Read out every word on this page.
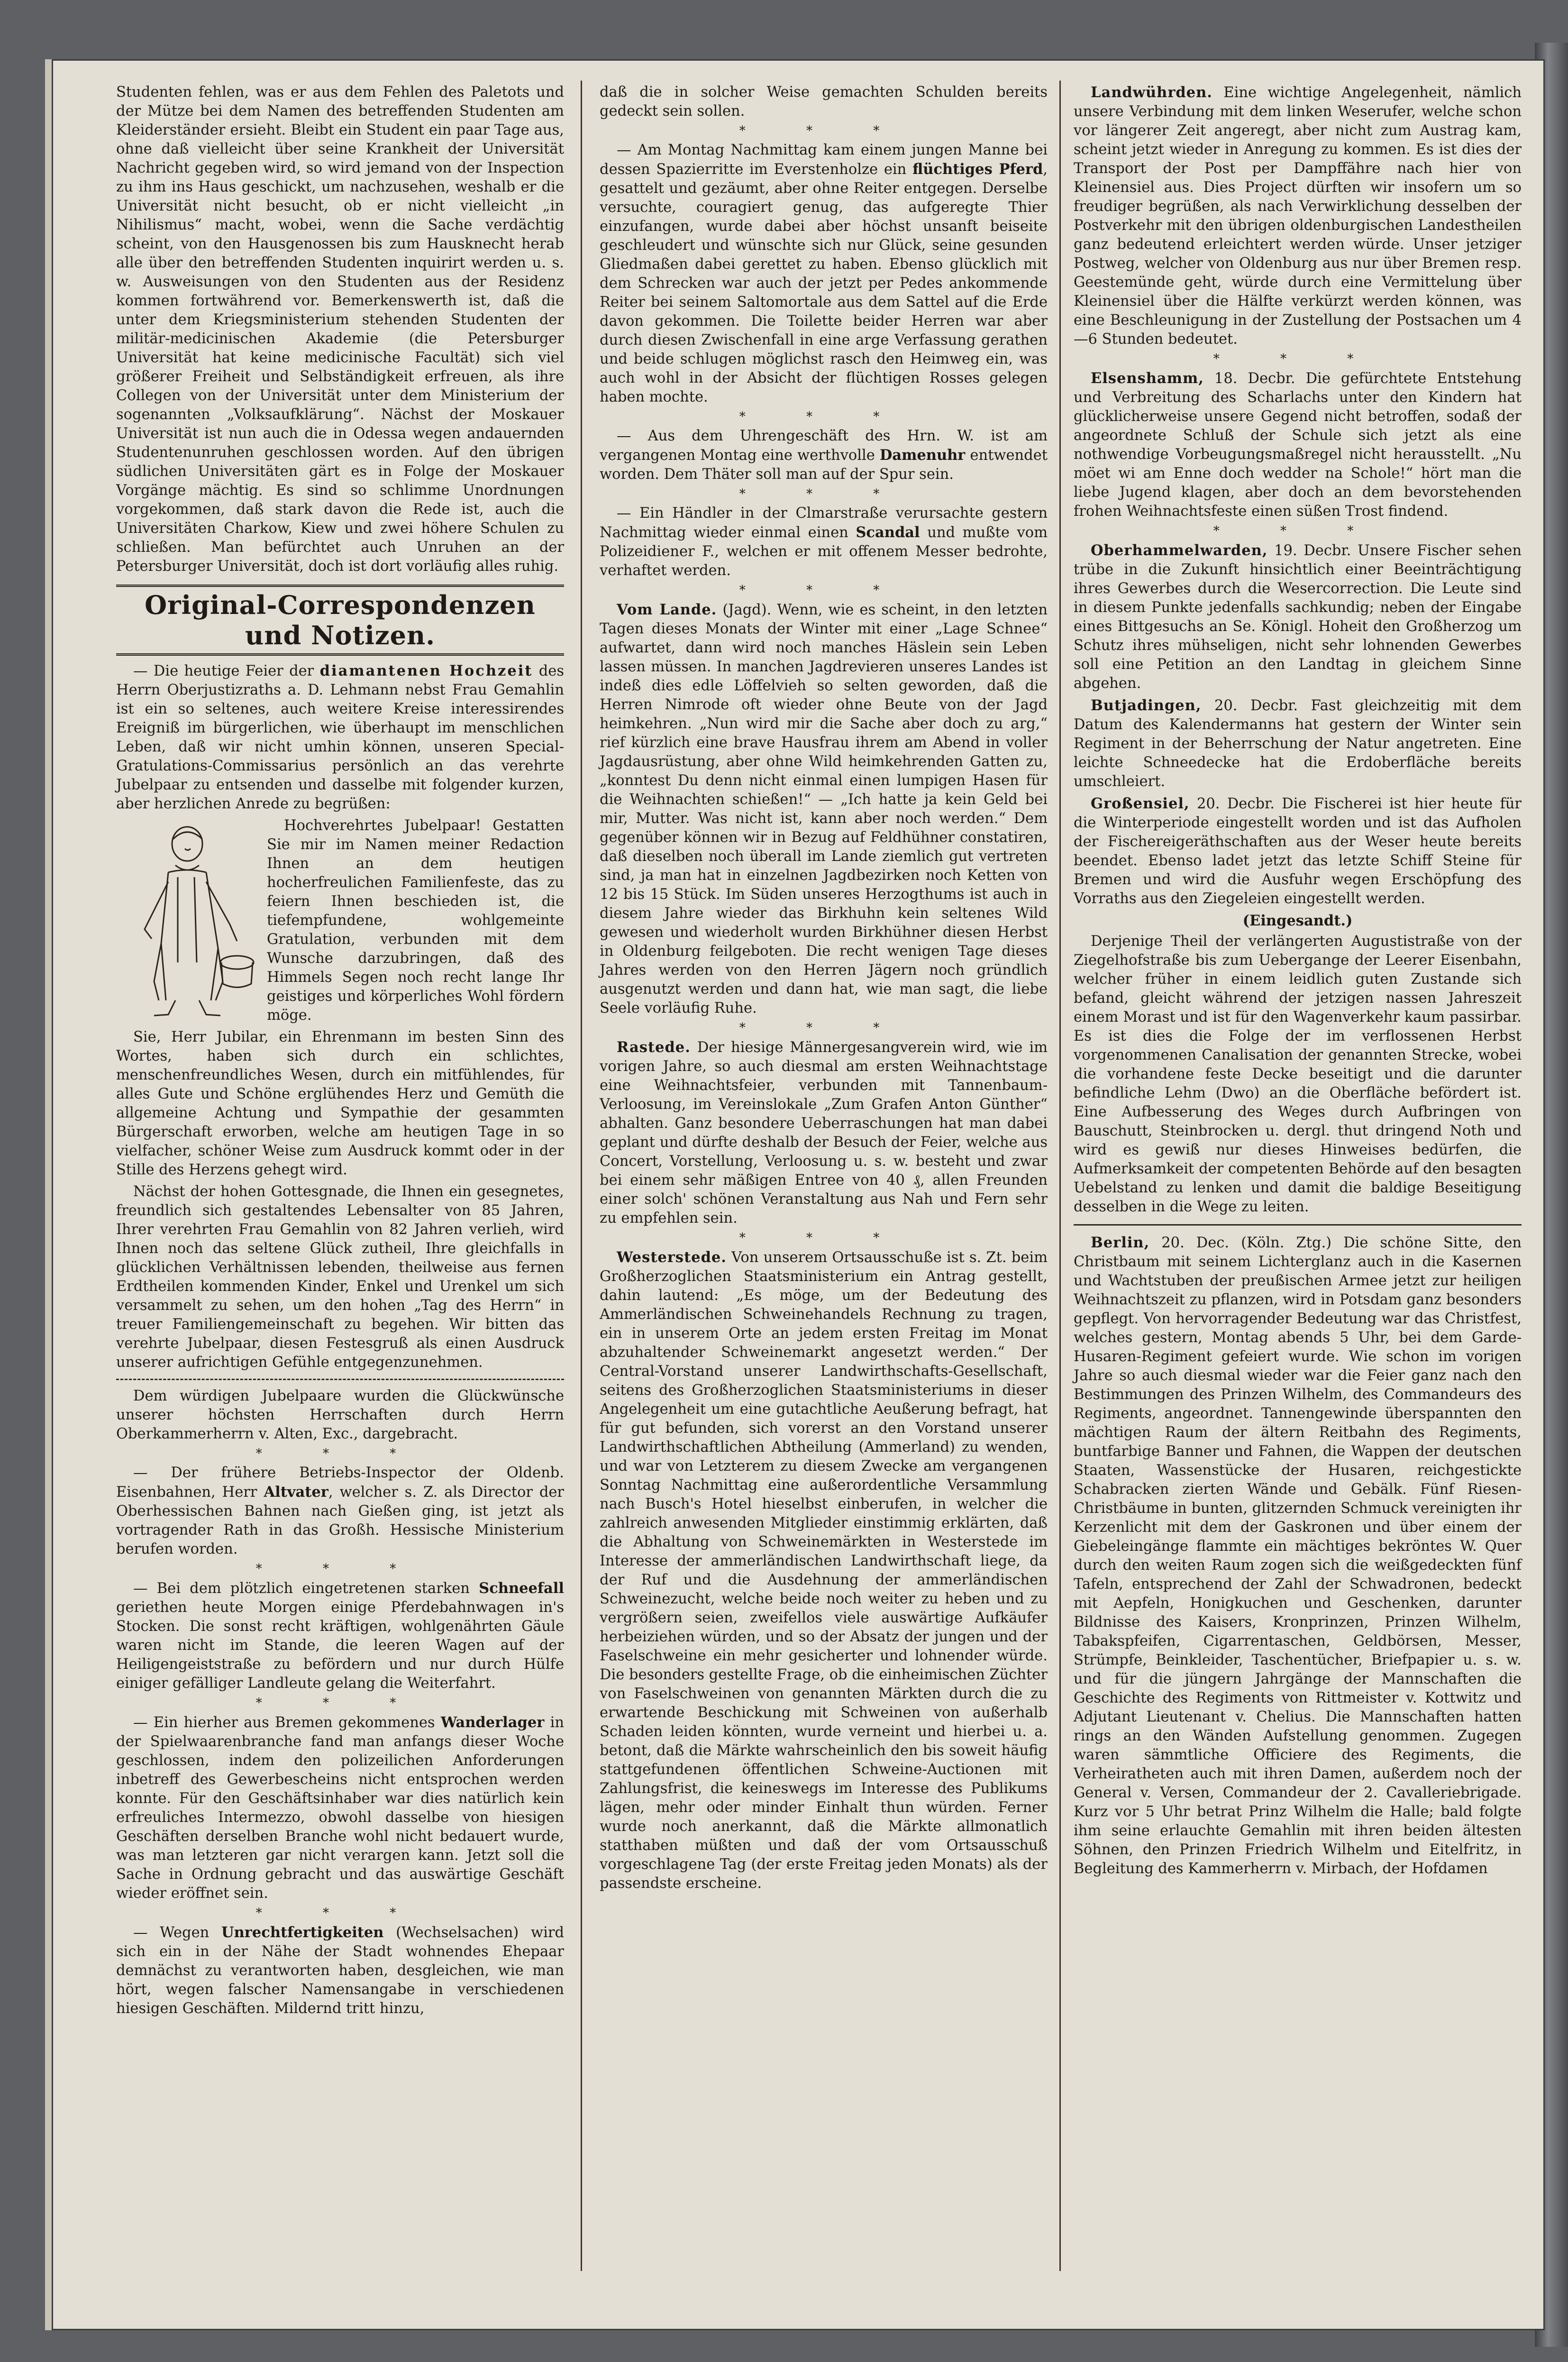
Studenten fehlen, was er aus dem Fehlen des Paletots und der Mütze bei dem Namen des betreffenden Studenten am Kleiderständer ersieht. Bleibt ein Student ein paar Tage aus, ohne daß vielleicht über seine Krankheit der Universität Nachricht gegeben wird, so wird jemand von der Inspection zu ihm ins Haus geschickt, um nachzusehen, weshalb er die Universität nicht besucht, ob er nicht vielleicht „in Nihilismus“ macht, wobei, wenn die Sache verdächtig scheint, von den Hausgenossen bis zum Hausknecht herab alle über den betreffenden Studenten inquirirt werden u. s. w. Ausweisungen von den Studenten aus der Residenz kommen fortwährend vor. Bemerkenswerth ist, daß die unter dem Kriegsministerium stehenden Studenten der militär-medicinischen Akademie (die Petersburger Universität hat keine medicinische Facultät) sich viel größerer Freiheit und Selbständigkeit erfreuen, als ihre Collegen von der Universität unter dem Ministerium der sogenannten „Volksaufklärung“. Nächst der Moskauer Universität ist nun auch die in Odessa wegen andauernden Studentenunruhen geschlossen worden. Auf den übrigen südlichen Universitäten gärt es in Folge der Moskauer Vorgänge mächtig. Es sind so schlimme Unordnungen vorgekommen, daß stark davon die Rede ist, auch die Universitäten Charkow, Kiew und zwei höhere Schulen zu schließen. Man befürchtet auch Unruhen an der Petersburger Universität, doch ist dort vorläufig alles ruhig.

Original-Correspondenzen und Notizen.

— Die heutige Feier der diamantenen Hochzeit des Herrn Oberjustizraths a. D. Lehmann nebst Frau Gemahlin ist ein so seltenes, auch weitere Kreise interessirendes Ereigniß im bürgerlichen, wie überhaupt im menschlichen Leben, daß wir nicht umhin können, unseren Special-Gratulations-Commissarius persönlich an das verehrte Jubelpaar zu entsenden und dasselbe mit folgender kurzen, aber herzlichen Anrede zu begrüßen:

Hochverehrtes Jubelpaar! Gestatten Sie mir im Namen meiner Redaction Ihnen an dem heutigen hocherfreulichen Familienfeste, das zu feiern Ihnen beschieden ist, die tiefempfundene, wohlgemeinte Gratulation, verbunden mit dem Wunsche darzubringen, daß des Himmels Segen noch recht lange Ihr geistiges und körperliches Wohl fördern möge.

Sie, Herr Jubilar, ein Ehrenmann im besten Sinn des Wortes, haben sich durch ein schlichtes, menschenfreundliches Wesen, durch ein mitfühlendes, für alles Gute und Schöne erglühendes Herz und Gemüth die allgemeine Achtung und Sympathie der gesammten Bürgerschaft erworben, welche am heutigen Tage in so vielfacher, schöner Weise zum Ausdruck kommt oder in der Stille des Herzens gehegt wird.

Nächst der hohen Gottesgnade, die Ihnen ein gesegnetes, freundlich sich gestaltendes Lebensalter von 85 Jahren, Ihrer verehrten Frau Gemahlin von 82 Jahren verlieh, wird Ihnen noch das seltene Glück zutheil, Ihre gleichfalls in glücklichen Verhältnissen lebenden, theilweise aus fernen Erdtheilen kommenden Kinder, Enkel und Urenkel um sich versammelt zu sehen, um den hohen „Tag des Herrn“ in treuer Familiengemeinschaft zu begehen. Wir bitten das verehrte Jubelpaar, diesen Festesgruß als einen Ausdruck unserer aufrichtigen Gefühle entgegenzunehmen.

Dem würdigen Jubelpaare wurden die Glückwünsche unserer höchsten Herrschaften durch Herrn Oberkammerherrn v. Alten, Exc., dargebracht.

* * *

— Der frühere Betriebs-Inspector der Oldenb. Eisenbahnen, Herr Altvater, welcher s. Z. als Director der Oberhessischen Bahnen nach Gießen ging, ist jetzt als vortragender Rath in das Großh. Hessische Ministerium berufen worden.

* * *

— Bei dem plötzlich eingetretenen starken Schneefall geriethen heute Morgen einige Pferdebahnwagen in's Stocken. Die sonst recht kräftigen, wohlgenährten Gäule waren nicht im Stande, die leeren Wagen auf der Heiligengeiststraße zu befördern und nur durch Hülfe einiger gefälliger Landleute gelang die Weiterfahrt.

* * *

— Ein hierher aus Bremen gekommenes Wanderlager in der Spielwaarenbranche fand man anfangs dieser Woche geschlossen, indem den polizeilichen Anforderungen inbetreff des Gewerbescheins nicht entsprochen werden konnte. Für den Geschäftsinhaber war dies natürlich kein erfreuliches Intermezzo, obwohl dasselbe von hiesigen Geschäften derselben Branche wohl nicht bedauert wurde, was man letzteren gar nicht verargen kann. Jetzt soll die Sache in Ordnung gebracht und das auswärtige Geschäft wieder eröffnet sein.

* * *

— Wegen Unrechtfertigkeiten (Wechselsachen) wird sich ein in der Nähe der Stadt wohnendes Ehepaar demnächst zu verantworten haben, desgleichen, wie man hört, wegen falscher Namensangabe in verschiedenen hiesigen Geschäften. Mildernd tritt hinzu,

daß die in solcher Weise gemachten Schulden bereits gedeckt sein sollen.

* * *

— Am Montag Nachmittag kam einem jungen Manne bei dessen Spazierritte im Everstenholze ein flüchtiges Pferd, gesattelt und gezäumt, aber ohne Reiter entgegen. Derselbe versuchte, couragiert genug, das aufgeregte Thier einzufangen, wurde dabei aber höchst unsanft beiseite geschleudert und wünschte sich nur Glück, seine gesunden Gliedmaßen dabei gerettet zu haben. Ebenso glücklich mit dem Schrecken war auch der jetzt per Pedes ankommende Reiter bei seinem Saltomortale aus dem Sattel auf die Erde davon gekommen. Die Toilette beider Herren war aber durch diesen Zwischenfall in eine arge Verfassung gerathen und beide schlugen möglichst rasch den Heimweg ein, was auch wohl in der Absicht der flüchtigen Rosses gelegen haben mochte.

* * *

— Aus dem Uhrengeschäft des Hrn. W. ist am vergangenen Montag eine werthvolle Damenuhr entwendet worden. Dem Thäter soll man auf der Spur sein.

* * *

— Ein Händler in der Clmarstraße verursachte gestern Nachmittag wieder einmal einen Scandal und mußte vom Polizeidiener F., welchen er mit offenem Messer bedrohte, verhaftet werden.

* * *

Vom Lande. (Jagd). Wenn, wie es scheint, in den letzten Tagen dieses Monats der Winter mit einer „Lage Schnee“ aufwartet, dann wird noch manches Häslein sein Leben lassen müssen. In manchen Jagdrevieren unseres Landes ist indeß dies edle Löffelvieh so selten geworden, daß die Herren Nimrode oft wieder ohne Beute von der Jagd heimkehren. „Nun wird mir die Sache aber doch zu arg,“ rief kürzlich eine brave Hausfrau ihrem am Abend in voller Jagdausrüstung, aber ohne Wild heimkehrenden Gatten zu, „konntest Du denn nicht einmal einen lumpigen Hasen für die Weihnachten schießen!“ — „Ich hatte ja kein Geld bei mir, Mutter. Was nicht ist, kann aber noch werden.“ Dem gegenüber können wir in Bezug auf Feldhühner constatiren, daß dieselben noch überall im Lande ziemlich gut vertreten sind, ja man hat in einzelnen Jagdbezirken noch Ketten von 12 bis 15 Stück. Im Süden unseres Herzogthums ist auch in diesem Jahre wieder das Birkhuhn kein seltenes Wild gewesen und wiederholt wurden Birkhühner diesen Herbst in Oldenburg feilgeboten. Die recht wenigen Tage dieses Jahres werden von den Herren Jägern noch gründlich ausgenutzt werden und dann hat, wie man sagt, die liebe Seele vorläufig Ruhe.

* * *

Rastede. Der hiesige Männergesangverein wird, wie im vorigen Jahre, so auch diesmal am ersten Weihnachtstage eine Weihnachtsfeier, verbunden mit Tannenbaum-Verloosung, im Vereinslokale „Zum Grafen Anton Günther“ abhalten. Ganz besondere Ueberraschungen hat man dabei geplant und dürfte deshalb der Besuch der Feier, welche aus Concert, Vorstellung, Verloosung u. s. w. besteht und zwar bei einem sehr mäßigen Entree von 40 ₰, allen Freunden einer solch' schönen Veranstaltung aus Nah und Fern sehr zu empfehlen sein.

* * *

Westerstede. Von unserem Ortsausschuße ist s. Zt. beim Großherzoglichen Staatsministerium ein Antrag gestellt, dahin lautend: „Es möge, um der Bedeutung des Ammerländischen Schweinehandels Rechnung zu tragen, ein in unserem Orte an jedem ersten Freitag im Monat abzuhaltender Schweinemarkt angesetzt werden.“ Der Central-Vorstand unserer Landwirthschafts-Gesellschaft, seitens des Großherzoglichen Staatsministeriums in dieser Angelegenheit um eine gutachtliche Aeußerung befragt, hat für gut befunden, sich vorerst an den Vorstand unserer Landwirthschaftlichen Abtheilung (Ammerland) zu wenden, und war von Letzterem zu diesem Zwecke am vergangenen Sonntag Nachmittag eine außerordentliche Versammlung nach Busch's Hotel hieselbst einberufen, in welcher die zahlreich anwesenden Mitglieder einstimmig erklärten, daß die Abhaltung von Schweinemärkten in Westerstede im Interesse der ammerländischen Landwirthschaft liege, da der Ruf und die Ausdehnung der ammerländischen Schweinezucht, welche beide noch weiter zu heben und zu vergrößern seien, zweifellos viele auswärtige Aufkäufer herbeiziehen würden, und so der Absatz der jungen und der Faselschweine ein mehr gesicherter und lohnender würde. Die besonders gestellte Frage, ob die einheimischen Züchter von Faselschweinen von genannten Märkten durch die zu erwartende Beschickung mit Schweinen von außerhalb Schaden leiden könnten, wurde verneint und hierbei u. a. betont, daß die Märkte wahrscheinlich den bis soweit häufig stattgefundenen öffentlichen Schweine-Auctionen mit Zahlungsfrist, die keineswegs im Interesse des Publikums lägen, mehr oder minder Einhalt thun würden. Ferner wurde noch anerkannt, daß die Märkte allmonatlich statthaben müßten und daß der vom Ortsausschuß vorgeschlagene Tag (der erste Freitag jeden Monats) als der passendste erscheine.

Landwührden. Eine wichtige Angelegenheit, nämlich unsere Verbindung mit dem linken Weserufer, welche schon vor längerer Zeit angeregt, aber nicht zum Austrag kam, scheint jetzt wieder in Anregung zu kommen. Es ist dies der Transport der Post per Dampffähre nach hier von Kleinensiel aus. Dies Project dürften wir insofern um so freudiger begrüßen, als nach Verwirklichung desselben der Postverkehr mit den übrigen oldenburgischen Landestheilen ganz bedeutend erleichtert werden würde. Unser jetziger Postweg, welcher von Oldenburg aus nur über Bremen resp. Geestemünde geht, würde durch eine Vermittelung über Kleinensiel über die Hälfte verkürzt werden können, was eine Beschleunigung in der Zustellung der Postsachen um 4—6 Stunden bedeutet.

* * *

Elsenshamm, 18. Decbr. Die gefürchtete Entstehung und Verbreitung des Scharlachs unter den Kindern hat glücklicherweise unsere Gegend nicht betroffen, sodaß der angeordnete Schluß der Schule sich jetzt als eine nothwendige Vorbeugungsmaßregel nicht herausstellt. „Nu möet wi am Enne doch wedder na Schole!“ hört man die liebe Jugend klagen, aber doch an dem bevorstehenden frohen Weihnachtsfeste einen süßen Trost findend.

* * *

Oberhammelwarden, 19. Decbr. Unsere Fischer sehen trübe in die Zukunft hinsichtlich einer Beeinträchtigung ihres Gewerbes durch die Wesercorrection. Die Leute sind in diesem Punkte jedenfalls sachkundig; neben der Eingabe eines Bittgesuchs an Se. Königl. Hoheit den Großherzog um Schutz ihres mühseligen, nicht sehr lohnenden Gewerbes soll eine Petition an den Landtag in gleichem Sinne abgehen.

Butjadingen, 20. Decbr. Fast gleichzeitig mit dem Datum des Kalendermanns hat gestern der Winter sein Regiment in der Beherrschung der Natur angetreten. Eine leichte Schneedecke hat die Erdoberfläche bereits umschleiert.

Großensiel, 20. Decbr. Die Fischerei ist hier heute für die Winterperiode eingestellt worden und ist das Aufholen der Fischereigeräthschaften aus der Weser heute bereits beendet. Ebenso ladet jetzt das letzte Schiff Steine für Bremen und wird die Ausfuhr wegen Erschöpfung des Vorraths aus den Ziegeleien eingestellt werden.

(Eingesandt.)

Derjenige Theil der verlängerten Augustistraße von der Ziegelhofstraße bis zum Uebergange der Leerer Eisenbahn, welcher früher in einem leidlich guten Zustande sich befand, gleicht während der jetzigen nassen Jahreszeit einem Morast und ist für den Wagenverkehr kaum passirbar. Es ist dies die Folge der im verflossenen Herbst vorgenommenen Canalisation der genannten Strecke, wobei die vorhandene feste Decke beseitigt und die darunter befindliche Lehm (Dwo) an die Oberfläche befördert ist. Eine Aufbesserung des Weges durch Aufbringen von Bauschutt, Steinbrocken u. dergl. thut dringend Noth und wird es gewiß nur dieses Hinweises bedürfen, die Aufmerksamkeit der competenten Behörde auf den besagten Uebelstand zu lenken und damit die baldige Beseitigung desselben in die Wege zu leiten.

Berlin, 20. Dec. (Köln. Ztg.) Die schöne Sitte, den Christbaum mit seinem Lichterglanz auch in die Kasernen und Wachtstuben der preußischen Armee jetzt zur heiligen Weihnachtszeit zu pflanzen, wird in Potsdam ganz besonders gepflegt. Von hervorragender Bedeutung war das Christfest, welches gestern, Montag abends 5 Uhr, bei dem Garde-Husaren-Regiment gefeiert wurde. Wie schon im vorigen Jahre so auch diesmal wieder war die Feier ganz nach den Bestimmungen des Prinzen Wilhelm, des Commandeurs des Regiments, angeordnet. Tannengewinde überspannten den mächtigen Raum der ältern Reitbahn des Regiments, buntfarbige Banner und Fahnen, die Wappen der deutschen Staaten, Wassenstücke der Husaren, reichgestickte Schabracken zierten Wände und Gebälk. Fünf Riesen-Christbäume in bunten, glitzernden Schmuck vereinigten ihr Kerzenlicht mit dem der Gaskronen und über einem der Giebeleingänge flammte ein mächtiges bekröntes W. Quer durch den weiten Raum zogen sich die weißgedeckten fünf Tafeln, entsprechend der Zahl der Schwadronen, bedeckt mit Aepfeln, Honigkuchen und Geschenken, darunter Bildnisse des Kaisers, Kronprinzen, Prinzen Wilhelm, Tabakspfeifen, Cigarrentaschen, Geldbörsen, Messer, Strümpfe, Beinkleider, Taschentücher, Briefpapier u. s. w. und für die jüngern Jahrgänge der Mannschaften die Geschichte des Regiments von Rittmeister v. Kottwitz und Adjutant Lieutenant v. Chelius. Die Mannschaften hatten rings an den Wänden Aufstellung genommen. Zugegen waren sämmtliche Officiere des Regiments, die Verheiratheten auch mit ihren Damen, außerdem noch der General v. Versen, Commandeur der 2. Cavalleriebrigade. Kurz vor 5 Uhr betrat Prinz Wilhelm die Halle; bald folgte ihm seine erlauchte Gemahlin mit ihren beiden ältesten Söhnen, den Prinzen Friedrich Wilhelm und Eitelfritz, in Begleitung des Kammerherrn v. Mirbach, der Hofdamen
